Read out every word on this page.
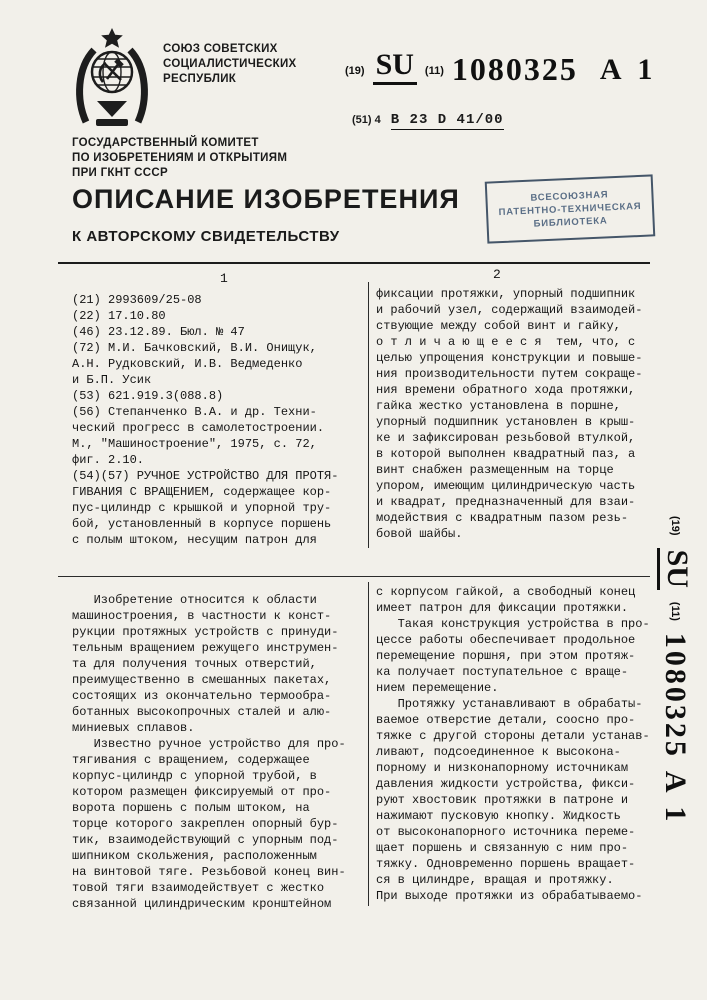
СОЮЗ СОВЕТСКИХ
СОЦИАЛИСТИЧЕСКИХ
РЕСПУБЛИК
(19) SU (11) 1080325 A 1
(51) 4 B 23 D 41/00
ГОСУДАРСТВЕННЫЙ КОМИТЕТ
ПО ИЗОБРЕТЕНИЯМ И ОТКРЫТИЯМ
ПРИ ГКНТ СССР
ОПИСАНИЕ ИЗОБРЕТЕНИЯ
К АВТОРСКОМУ СВИДЕТЕЛЬСТВУ
ВСЕСОЮЗНАЯ
ПАТЕНТНО-ТЕХНИЧЕСКАЯ
БИБЛИОТЕКА
1	2
(21) 2993609/25-08
(22) 17.10.80
(46) 23.12.89. Бюл. № 47
(72) М.И. Бачковский, В.И. Онищук,
А.Н. Рудковский, И.В. Ведмеденко
и Б.П. Усик
(53) 621.919.3(088.8)
(56) Степанченко В.А. и др. Техни-
ческий прогресс в самолетостроении.
М., "Машиностроение", 1975, с. 72,
фиг. 2.10.
(54)(57) РУЧНОЕ УСТРОЙСТВО ДЛЯ ПРОТЯ-
ГИВАНИЯ С ВРАЩЕНИЕМ, содержащее кор-
пус-цилиндр с крышкой и упорной тру-
бой, установленный в корпусе поршень
с полым штоком, несущим патрон для
фиксации протяжки, упорный подшипник
и рабочий узел, содержащий взаимодей-
ствующие между собой винт и гайку,
о т л и ч а ю щ е е с я  тем, что, с
целью упрощения конструкции и повыше-
ния производительности путем сокраще-
ния времени обратного хода протяжки,
гайка жестко установлена в поршне,
упорный подшипник установлен в крыш-
ке и зафиксирован резьбовой втулкой,
в которой выполнен квадратный паз, а
винт снабжен размещенным на торце
упором, имеющим цилиндрическую часть
и квадрат, предназначенный для взаи-
модействия с квадратным пазом резь-
бовой шайбы.
Изобретение относится к области
машиностроения, в частности к конст-
рукции протяжных устройств с принуди-
тельным вращением режущего инструмен-
та для получения точных отверстий,
преимущественно в смешанных пакетах,
состоящих из окончательно термообра-
ботанных высокопрочных сталей и алю-
миниевых сплавов.
Известно ручное устройство для про-
тягивания с вращением, содержащее
корпус-цилиндр с упорной трубой, в
котором размещен фиксируемый от про-
ворота поршень с полым штоком, на
торце которого закреплен опорный бур-
тик, взаимодействующий с упорным под-
шипником скольжения, расположенным
на винтовой тяге. Резьбовой конец вин-
товой тяги взаимодействует с жестко
связанной цилиндрическим кронштейном
с корпусом гайкой, а свободный конец
имеет патрон для фиксации протяжки.
Такая конструкция устройства в про-
цессе работы обеспечивает продольное
перемещение поршня, при этом протяж-
ка получает поступательное с враще-
нием перемещение.
Протяжку устанавливают в обрабаты-
ваемое отверстие детали, соосно про-
тяжке с другой стороны детали устанав-
ливают, подсоединенное к высокона-
порному и низконапорному источникам
давления жидкости устройства, фикси-
руют хвостовик протяжки в патроне и
нажимают пусковую кнопку. Жидкость
от высоконапорного источника переме-
щает поршень и связанную с ним про-
тяжку. Одновременно поршень вращает-
ся в цилиндре, вращая и протяжку.
При выходе протяжки из обрабатываемо-
(19)
SU
(11)
1080325
A 1
